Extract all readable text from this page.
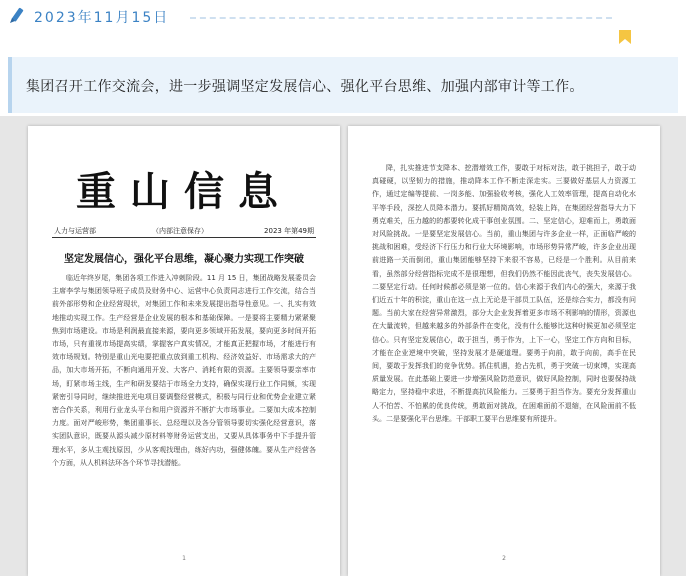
2023年11月15日
集团召开工作交流会，进一步强调坚定发展信心、强化平台思维、加强内部审计等工作。
重山信息
人力与运营部	（内部注意保存）	2023 年第49期
坚定发展信心，强化平台思维，凝心聚力实现工作突破
临近年终岁尾，集团各项工作进入冲刺阶段。11 月 15 日，集团战略发展委员会主席李学与集团领导班子成员及财务中心、运营中心负责同志进行工作交流，结合当前外部形势和企业经营现状，对集团工作和未来发展提出指导性意见。一、扎实有效地推动实现工作。生产经营是企业发展的根本和基础保障。一是要将主要精力紧紧聚焦到市场建设。市场是利润最直接来源，要向更多领域开拓发展，要向更多时间开拓市场，只有重视市场提高实绩，掌握客户真实情况，才能真正把握市场，才能进行有效市场规划。特别是重山光电要把重点放到重工机构、经济效益好、市场需求大的产品，加大市场开拓，不断向通用开发、大客户、消耗有限的资源。主要领导要亲率市场，盯紧市场主线，生产和研发要结于市场全力支持，确保实现行业工作同频，实现紧密引导同时，继续推进光电项目要调整经营模式，积极与同行业和优势企业建立紧密合作关系，利用行业龙头平台和用户资源并不断扩大市场事业。二要加大成本控制力度。面对严峻形势，集团重事长、总经理以及各分管领导要切实强化经营意识，落实团队意识，既要从源头减少原材料等财务运营支出，又要从具体事务中下手提升管理水平，多从主观找原因，少从客观找理由，练好内功，强健体魄。要从生产经营各个方面，从人机料法环各个环节寻找潜能。
1
降，扎实推进节支降本、挖潜增效工作，要敢于对标对法，敢于挑担子，敢于动真碰硬，以坚韧力的措施，推动降本工作不断走深走实。三要做好基层人力资源工作，通过定编等提前、一岗多能、加强验收考核，强化人工效率管理，提高自动化水平等手段，深挖人员降本潜力。要抓好精简高效，轻装上阵，在集团经营指导大力下勇克难关，压力越的的都要转化成干事创业氛围。二、坚定信心，迎难而上，勇敢面对风险挑战。一是要坚定发展信心。当前，重山集团与许多企业一样，正面临严峻的挑战和困难，受经济下行压力和行业大环境影响，市场形势异常严峻，许多企业出现前进路一关而倒闭，重山集团能够坚持下来很不容易，已经是一个胜利。从目前来看，虽然部分经营指标完成不是很理想，但我们仍然不能因此丧气，丧失发展信心。二要坚定行动。任何时候都必须是第一位的。信心来源于我们内心的强大，来源于我们近五十年的积淀，重山在这一点上无论是干部员工队伍，还是综合实力，都没有问题。当前大家在经营异常激烈，部分大企业发挥着更多市场不利影响的情形，资源也在大量流转，但越来越多的外部条件在变化，没有什么能够比这种时候更加必须坚定信心。只有坚定发展信心，敢于担当，勇于作为，上下一心，坚定工作方向和目标，才能在企业逆境中突破，坚持发展才是硬道理。要勇于向前，敢于向前，高手在民间，要敢于发挥我们的竞争优势。抓住机遇，抢占先机，勇于突破一切束缚，实现高质量发展。在此基础上要进一步增强风险防范意识，做好风险控制，同时也要保持战略定力，坚持稳中求进，不断提高抗风险能力。三要勇于担当作为。要充分发挥重山人不怕苦、不怕累的优良传统，勇敢面对挑战，在困难面前不退缩，在风险面前不低头。二是要强化平台思维。干部职工要平台思维要有所提升。
2
